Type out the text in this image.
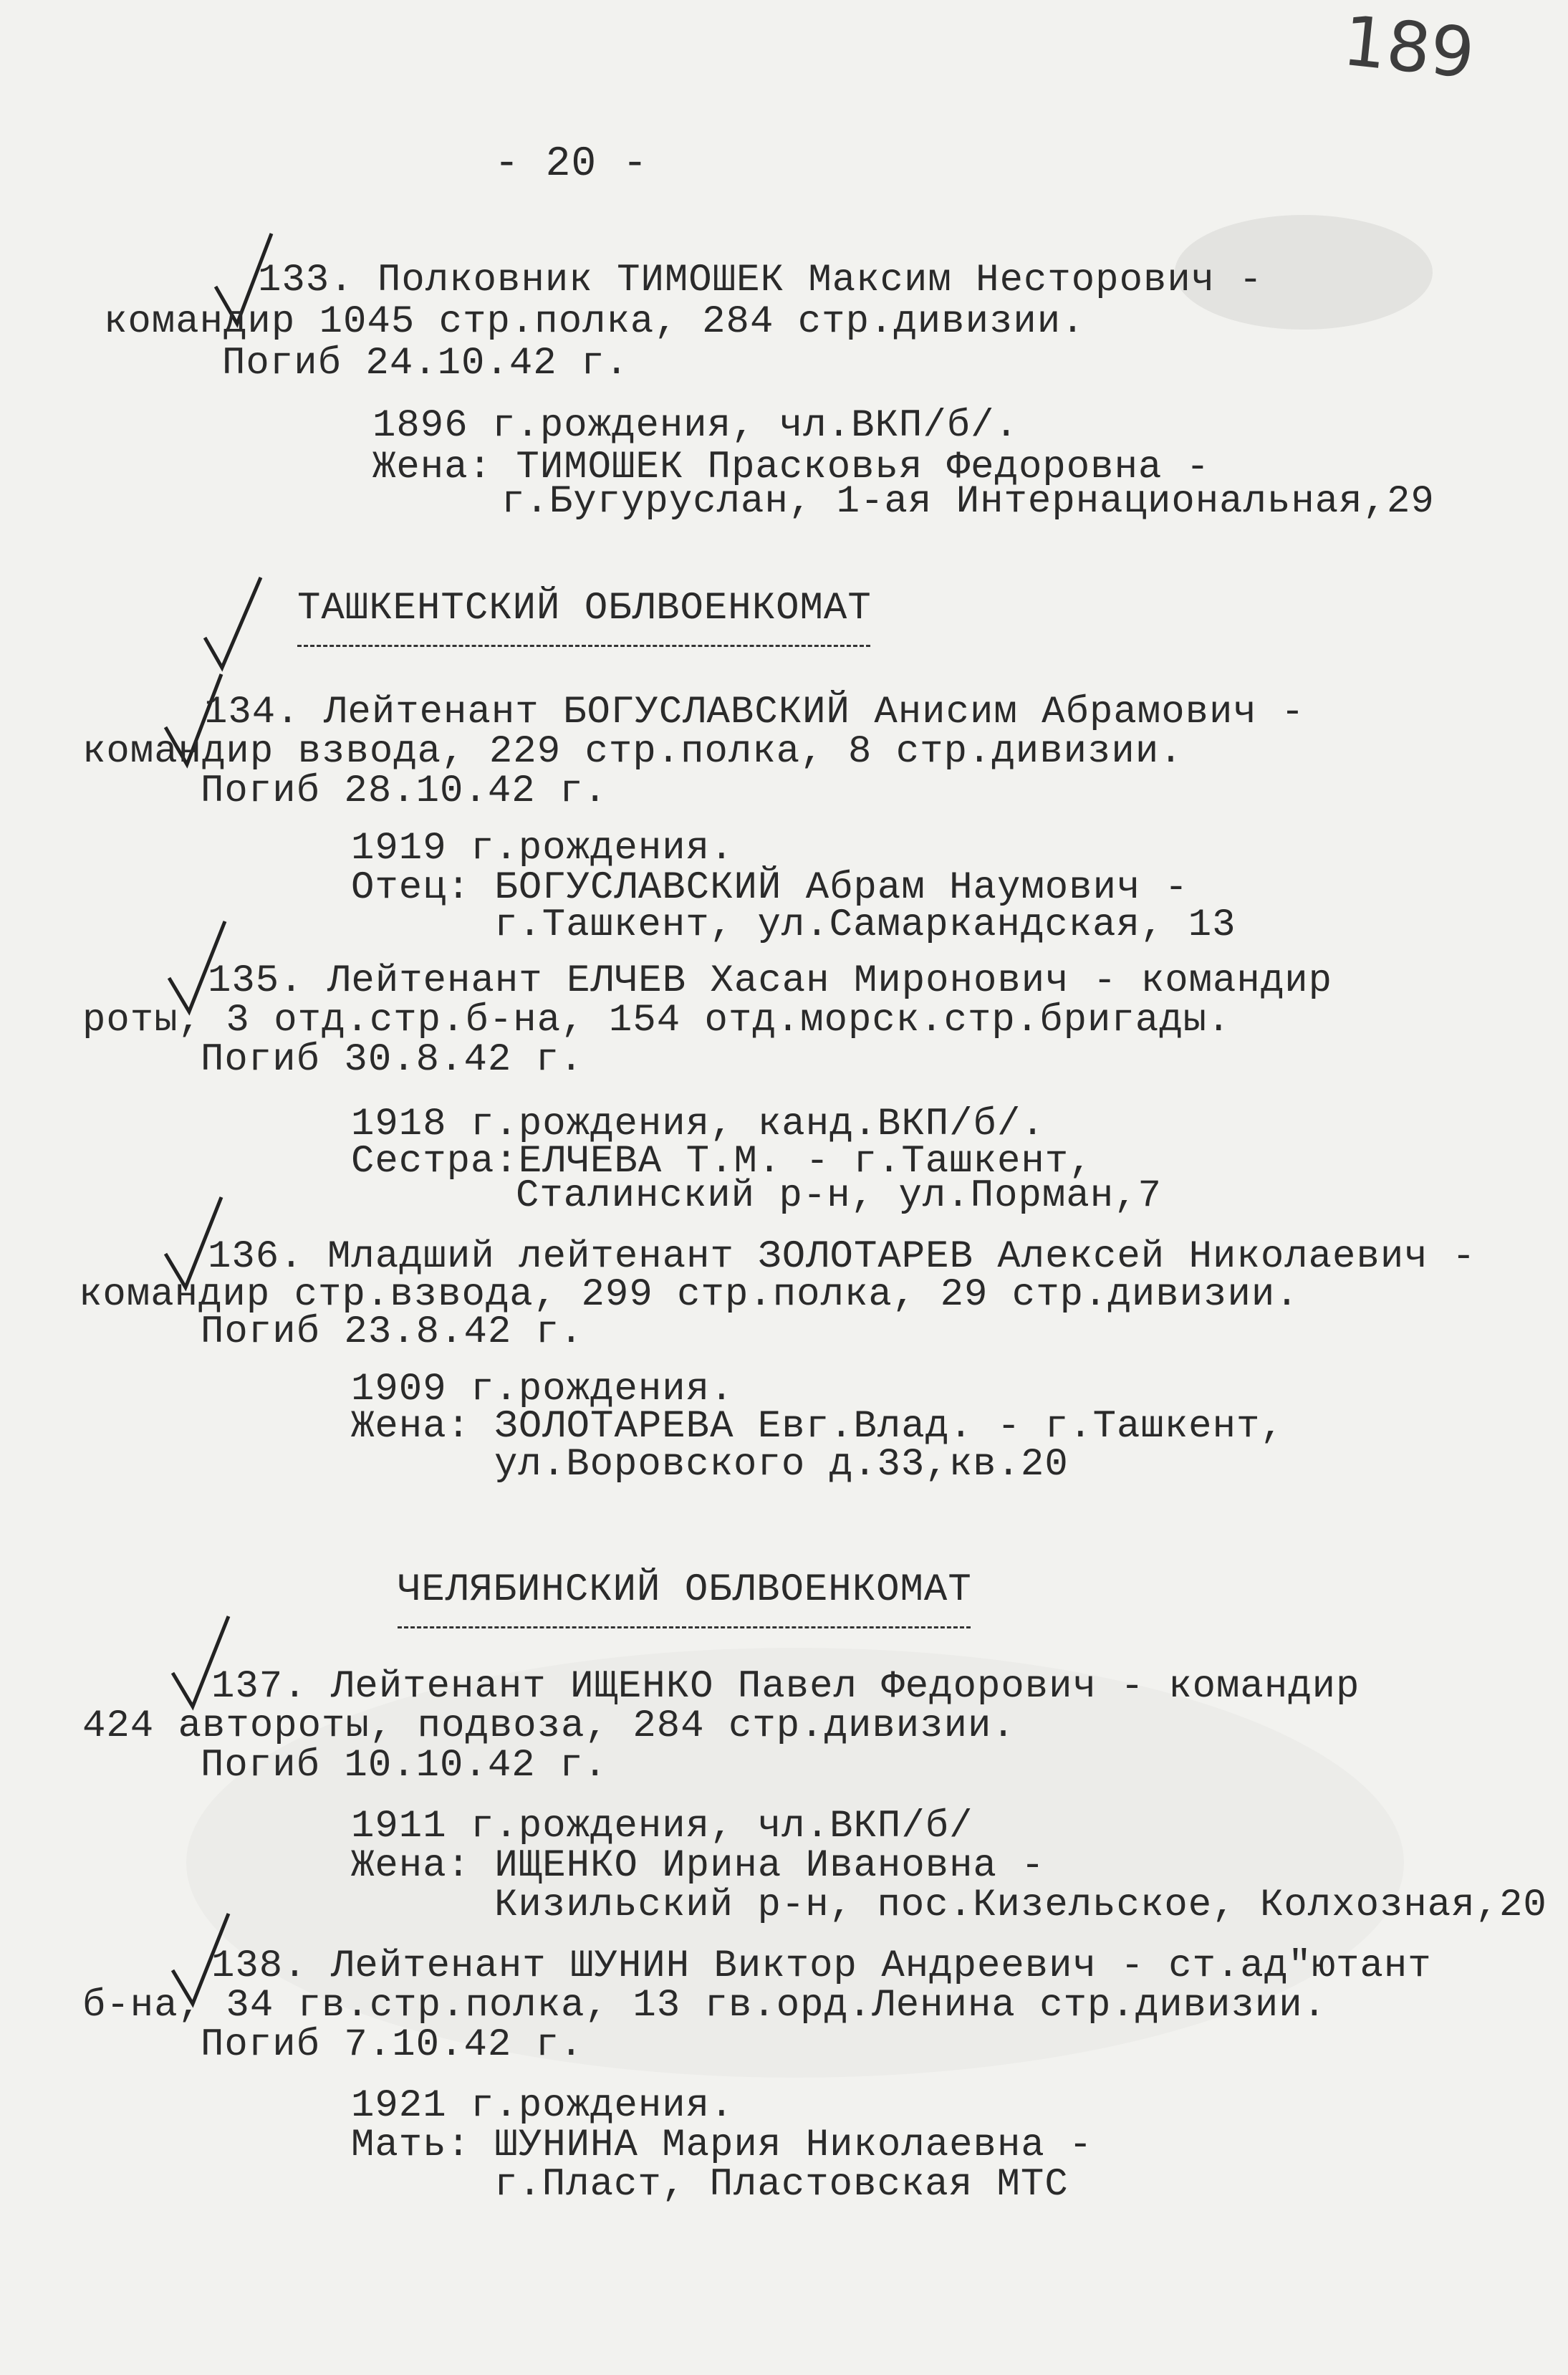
189
- 20 -
133. Полковник ТИМОШЕК Максим Несторович -
командир 1045 стр.полка, 284 стр.дивизии.
Погиб 24.10.42 г.
1896 г.рождения, чл.ВКП/б/.
Жена: ТИМОШЕК Прасковья Федоровна -
г.Бугуруслан, 1-ая Интернациональная,29
ТАШКЕНТСКИЙ ОБЛВОЕНКОМАТ
134. Лейтенант БОГУСЛАВСКИЙ Анисим Абрамович -
командир взвода, 229 стр.полка, 8 стр.дивизии.
Погиб 28.10.42 г.
1919 г.рождения.
Отец: БОГУСЛАВСКИЙ Абрам Наумович -
г.Ташкент, ул.Самаркандская, 13
135. Лейтенант ЕЛЧЕВ Хасан Миронович - командир
роты, 3 отд.стр.б-на, 154 отд.морск.стр.бригады.
Погиб 30.8.42 г.
1918 г.рождения, канд.ВКП/б/.
Сестра:ЕЛЧЕВА Т.М. - г.Ташкент,
Сталинский р-н, ул.Порман,7
136. Младший лейтенант ЗОЛОТАРЕВ Алексей Николаевич -
командир стр.взвода, 299 стр.полка, 29 стр.дивизии.
Погиб 23.8.42 г.
1909 г.рождения.
Жена: ЗОЛОТАРЕВА Евг.Влад. - г.Ташкент,
ул.Воровского д.33,кв.20
ЧЕЛЯБИНСКИЙ ОБЛВОЕНКОМАТ
137. Лейтенант ИЩЕНКО Павел Федорович - командир
424 автороты, подвоза, 284 стр.дивизии.
Погиб 10.10.42 г.
1911 г.рождения, чл.ВКП/б/
Жена: ИЩЕНКО Ирина Ивановна -
Кизильский р-н, пос.Кизельское, Колхозная,20
138. Лейтенант ШУНИН Виктор Андреевич - ст.ад"ютант
б-на, 34 гв.стр.полка, 13 гв.орд.Ленина стр.дивизии.
Погиб 7.10.42 г.
1921 г.рождения.
Мать: ШУНИНА Мария Николаевна -
г.Пласт, Пластовская МТС
